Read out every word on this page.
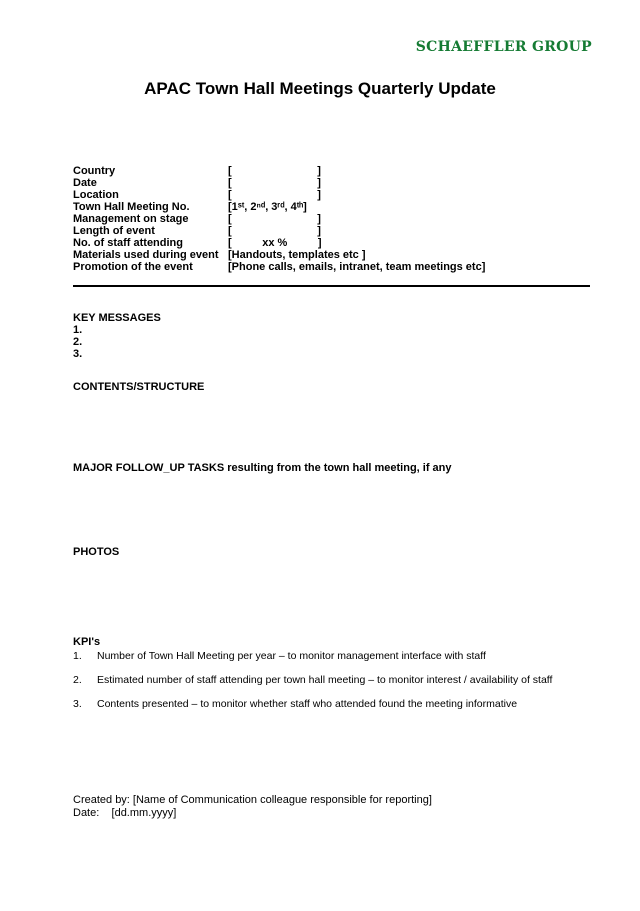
SCHAEFFLER GROUP
APAC Town Hall Meetings Quarterly Update
Country	[                            ]
Date	[                            ]
Location	[                            ]
Town Hall Meeting No.	[1ˢᵗ, 2ⁿᵈ, 3ʳᵈ, 4ᵗʰ]
Management on stage	[                            ]
Length of event	[                            ]
No. of staff attending	[          xx %          ]
Materials used during event [Handouts, templates etc ]
Promotion of the event	[Phone calls, emails, intranet, team meetings etc]
KEY MESSAGES
1.
2.
3.
CONTENTS/STRUCTURE
MAJOR FOLLOW_UP TASKS resulting from the town hall meeting, if any
PHOTOS
KPI's
1.	Number of Town Hall Meeting per year – to monitor management interface with staff
2.	Estimated number of staff attending per town hall meeting – to monitor interest / availability of staff
3.	Contents presented – to monitor whether staff who attended found the meeting informative
Created by: [Name of Communication colleague responsible for reporting]
Date:    [dd.mm.yyyy]
